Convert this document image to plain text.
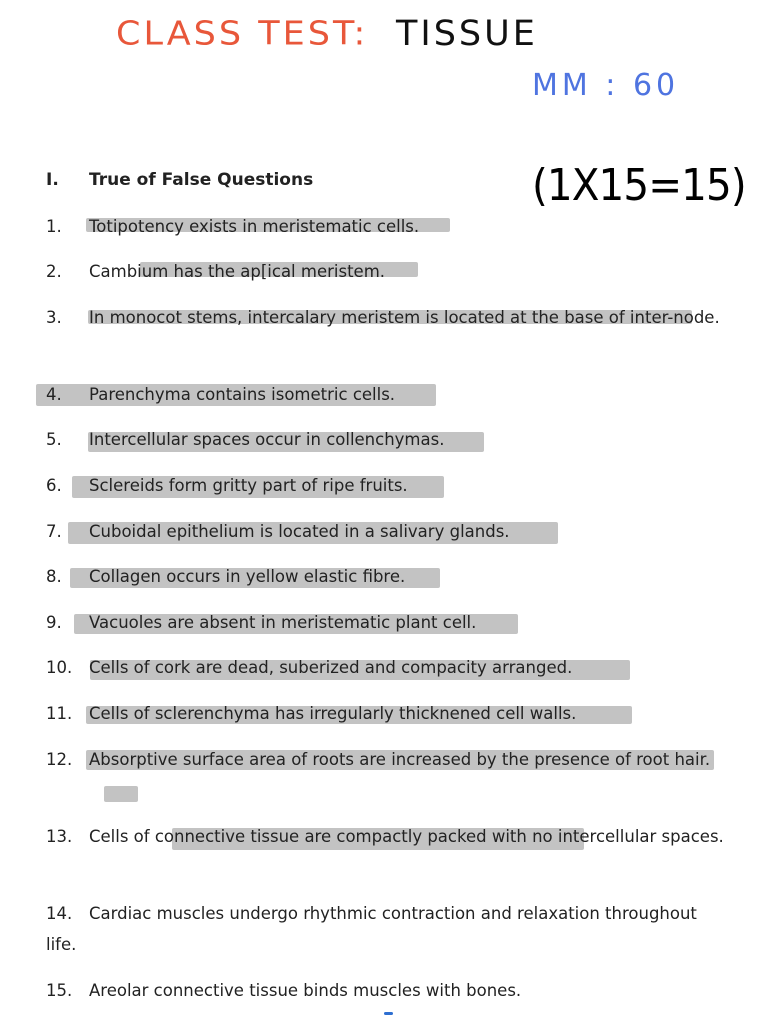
CLASS TEST: TISSUE
MM : 60
(1X15=15)
I. True of False Questions
1. Totipotency exists in meristematic cells.
2. Cambium has the ap[ical meristem.
3. In monocot stems, intercalary meristem is located at the base of inter-node.
4. Parenchyma contains isometric cells.
5. Intercellular spaces occur in collenchymas.
6. Sclereids form gritty part of ripe fruits.
7. Cuboidal epithelium is located in a salivary glands.
8. Collagen occurs in yellow elastic fibre.
9. Vacuoles are absent in meristematic plant cell.
10. Cells of cork are dead, suberized and compacity arranged.
11. Cells of sclerenchyma has irregularly thicknened cell walls.
12. Absorptive surface area of roots are increased by the presence of root hair.
13. Cells of connective tissue are compactly packed with no intercellular spaces.
14. Cardiac muscles undergo rhythmic contraction and relaxation throughout life.
15. Areolar connective tissue binds muscles with bones.
